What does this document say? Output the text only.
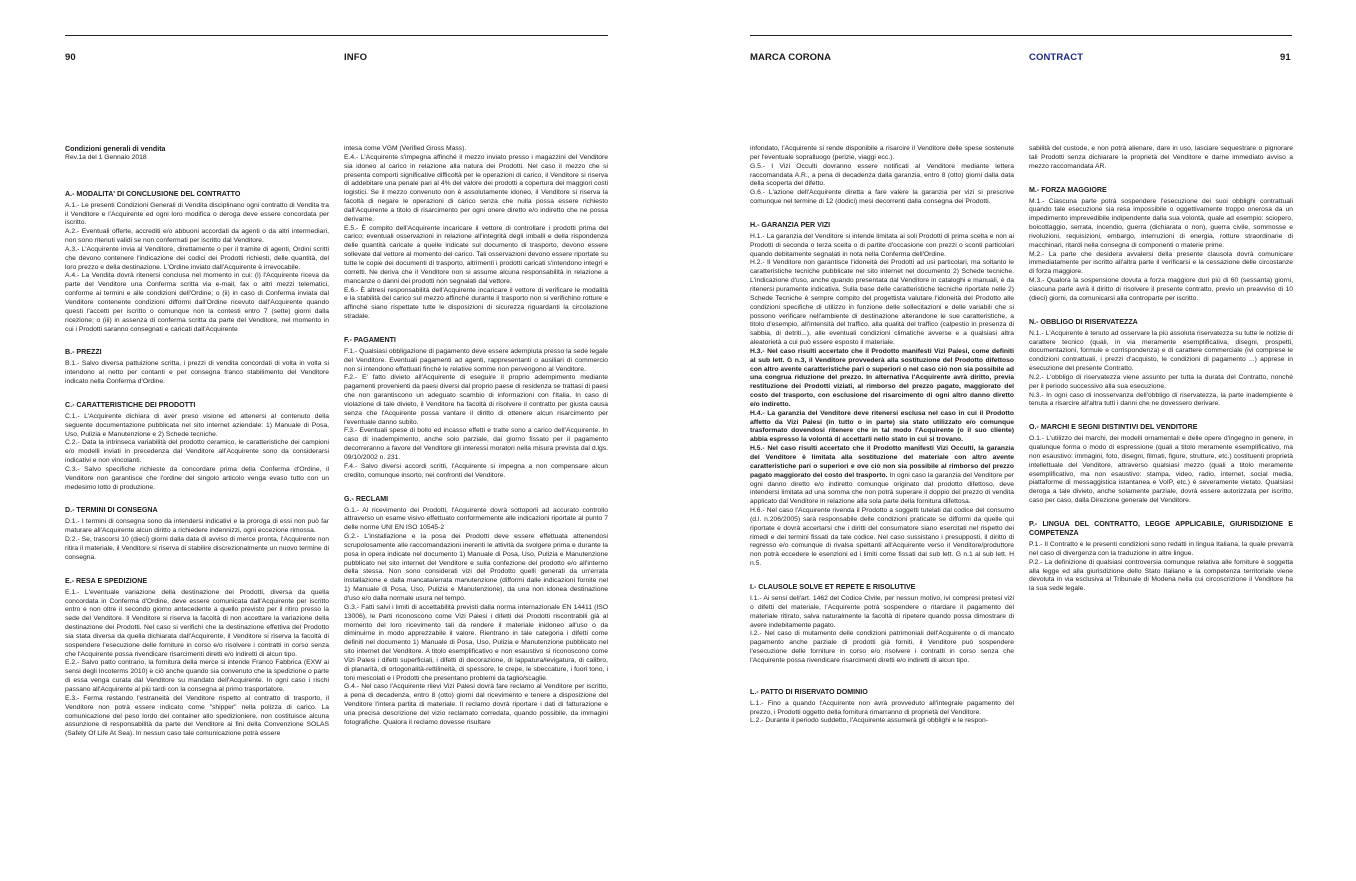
90	INFO	MARCA CORONA	CONTRACT	91

Condizioni generali di vendita

Rev.1a del 1 Gennaio 2018

A.- MODALITA' DI CONCLUSIONE DEL CONTRATTO

A.1.- Le presenti Condizioni Generali di Vendita disciplinano ogni contratto di Vendita tra il Venditore e l'Acquirente ed ogni loro modifica o deroga deve essere concordata per iscritto.

A.2.- Eventuali offerte, accrediti e/o abbuoni accordati da agenti o da altri intermediari, non sono ritenuti validi se non confermati per iscritto dal Venditore.

A.3.- L'Acquirente invia al Venditore, direttamente o per il tramite di agenti, Ordini scritti che devono contenere l'indicazione dei codici dei Prodotti richiesti, delle quantità, del loro prezzo e della destinazione. L'Ordine inviato dall'Acquirente è irrevocabile.

A.4.- La Vendita dovrà ritenersi conclusa nel momento in cui: (i) l'Acquirente riceva da parte del Venditore una Conferma scritta via e-mail, fax o altri mezzi telematici, conforme ai termini e alle condizioni dell'Ordine; o (ii) in caso di Conferma inviata dal Venditore contenente condizioni difformi dall'Ordine ricevuto dall'Acquirente quando questi l'accetti per iscritto o comunque non la contesti entro 7 (sette) giorni dalla ricezione; o (iii) in assenza di conferma scritta da parte del Venditore, nel momento in cui i Prodotti saranno consegnati e caricati dall'Acquirente

B.- PREZZI

B.1.- Salvo diversa pattuizione scritta, i prezzi di vendita concordati di volta in volta si intendono al netto per contanti e per consegna franco stabilimento del Venditore indicato nella Conferma d'Ordine.

C.- CARATTERISTICHE DEI PRODOTTI

C.1.- L'Acquirente dichiara di aver preso visione ed attenersi al contenuto della seguente documentazione pubblicata nel sito internet aziendale: 1) Manuale di Posa, Uso, Pulizia e Manutenzione e 2) Schede tecniche.

C.2.- Data la intrinseca variabilità del prodotto ceramico, le caratteristiche dei campioni e/o modelli inviati in precedenza dal Venditore all'Acquirente sono da considerarsi indicativi e non vincolanti.

C.3.- Salvo specifiche richieste da concordare prima della Conferma d'Ordine, il Venditore non garantisce che l'ordine del singolo articolo venga evaso tutto con un medesimo lotto di produzione.

D.- TERMINI DI CONSEGNA

D.1.- I termini di consegna sono da intendersi indicativi e la proroga di essi non può far maturare all'Acquirente alcun diritto a richiedere indennizzi, ogni eccezione rimossa.

D.2.- Se, trascorsi 10 (dieci) giorni dalla data di avviso di merce pronta, l'Acquirente non ritira il materiale, il Venditore si riserva di stabilire discrezionalmente un nuovo termine di consegna.

E.- RESA E SPEDIZIONE

E.1.- L'eventuale variazione della destinazione dei Prodotti, diversa da quella concordata in Conferma d'Ordine, deve essere comunicata dall'Acquirente per iscritto entro e non oltre il secondo giorno antecedente a quello previsto per il ritiro presso la sede del Venditore. Il Venditore si riserva la facoltà di non accettare la variazione della destinazione dei Prodotti. Nel caso si verifichi che la destinazione effettiva del Prodotto sia stata diversa da quella dichiarata dall'Acquirente, il Venditore si riserva la facoltà di sospendere l'esecuzione delle forniture in corso e/o risolvere i contratti in corso senza che l'Acquirente possa rivendicare risarcimenti diretti e/o indiretti di alcun tipo.

E.2.- Salvo patto contrario, la fornitura della merce si intende Franco Fabbrica (EXW ai sensi degli Incoterms 2010) e ciò anche quando sia convenuto che la spedizione o parte di essa venga curata dal Venditore su mandato dell'Acquirente. In ogni caso i rischi passano all'Acquirente al più tardi con la consegna al primo trasportatore.

E.3.- Ferma restando l'estraneità del Venditore rispetto al contratto di trasporto, il Venditore non potrà essere indicato come "shipper" nella polizza di carico. La comunicazione del peso lordo del container allo spedizioniere, non costituisce alcuna assunzione di responsabilità da parte del Venditore ai fini della Convenzione SOLAS (Safety Of Life At Sea). In nessun caso tale comunicazione potrà essere

intesa come VGM (Verified Gross Mass).

E.4.- L'Acquirente s'impegna affinché il mezzo inviato presso i magazzini del Venditore sia idoneo al carico in relazione alla natura dei Prodotti. Nel caso il mezzo che si presenta comporti significative difficoltà per le operazioni di carico, il Venditore si riserva di addebitare una penale pari al 4% del valore dei prodotti a copertura dei maggiori costi logistici. Se il mezzo convenuto non è assolutamente idoneo, il Venditore si riserva la facoltà di negare le operazioni di carico senza che nulla possa essere richiesto dall'Acquirente a titolo di risarcimento per ogni onere diretto e/o indiretto che ne possa derivarne.

E.5.- È compito dell'Acquirente incaricare il vettore di controllare i prodotti prima del carico; eventuali osservazioni in relazione all'integrità degli imballi e della rispondenza delle quantità caricate a quelle indicate sul documento di trasporto, devono essere sollevate dal vettore al momento del carico. Tali osservazioni devono essere riportate su tutte le copie dei documenti di trasporto, altrimenti i prodotti caricati s'intendono integri e corretti. Ne deriva che il Venditore non si assume alcuna responsabilità in relazione a mancanze o danni dei prodotti non segnalati dal vettore.

E.6.- È altresì responsabilità dell'Acquirente incaricare il vettore di verificare le modalità e la stabilità del carico sul mezzo affinché durante il trasporto non si verifichino rotture e affinché siano rispettate tutte le disposizioni di sicurezza riguardanti la circolazione stradale.

F.- PAGAMENTI

F.1.- Qualsiasi obbligazione di pagamento deve essere adempiuta presso la sede legale del Venditore. Eventuali pagamenti ad agenti, rappresentanti o ausiliari di commercio non si intendono effettuati finché le relative somme non pervengono al Venditore.

F.2.- E' fatto divieto all'Acquirente di eseguire il proprio adempimento mediante pagamenti provenienti da paesi diversi dal proprio paese di residenza se trattasi di paesi che non garantiscono un adeguato scambio di informazioni con l'Italia. In caso di violazione di tale divieto, il Venditore ha facoltà di risolvere il contratto per giusta causa senza che l'Acquirente possa vantare il diritto di ottenere alcun risarcimento per l'eventuale danno subito.

F.3.- Eventuali spese di bollo ed incasso effetti e tratte sono a carico dell'Acquirente. In caso di inadempimento, anche solo parziale, dai giorno fissato per il pagamento decorreranno a favore del Venditore gli interessi moratori nella misura prevista dal d.lgs. 09/10/2002 n. 231.

F.4.- Salvo diversi accordi scritti, l'Acquirente si impegna a non compensare alcun credito, comunque insorto, nei confronti del Venditore.

G.- RECLAMI

G.1.- Al ricevimento dei Prodotti, l'Acquirente dovrà sottoporli ad accurato controllo attraverso un esame visivo effettuato conformemente alle indicazioni riportate al punto 7 delle norme UNI EN ISO 10545-2

G.2.- L'installazione e la posa dei Prodotti deve essere effettuata attenendosi scrupolosamente alle raccomandazioni inerenti le attività da svolgere prima e durante la posa in opera indicate nel documento 1) Manuale di Posa, Uso, Pulizia e Manutenzione pubblicato nel sito internet del Venditore e sulla confezione del prodotto e/o all'interno della stessa. Non sono considerati vizi del Prodotto quelli generati da un'errata installazione e dalla mancata/errata manutenzione (difformi dalle indicazioni fornite nel 1) Manuale di Posa, Uso, Pulizia e Manutenzione), da una non idonea destinazione d'uso e/o dalla normale usura nel tempo.

G.3.- Fatti salvi i limiti di accettabilità previsti dalla norma internazionale EN 14411 (ISO 13006), le Parti riconoscono come Vizi Palesi i difetti dei Prodotti riscontrabili già al momento del loro ricevimento tali da rendere il materiale inidoneo all'uso o da diminuirne in modo apprezzabile il valore. Rientrano in tale categoria i difetti come definiti nel documento 1) Manuale di Posa, Uso, Pulizia e Manutenzione pubblicato nel sito internet del Venditore. A titolo esemplificativo e non esaustivo si riconoscono come Vizi Palesi i difetti superficiali, i difetti di decorazione, di lappatura/levigatura, di calibro, di planarità, di ortogonalità-rettilineità, di spessore, le crepe, le sbeccature, i fuori tono, i toni mescolati e i Prodotti che presentano problemi da taglio/scaglie.

G.4.- Nel caso l'Acquirente rilevi Vizi Palesi dovrà fare reclamo al Venditore per iscritto, a pena di decadenza, entro 8 (otto) giorni dal ricevimento e tenere a disposizione del Venditore l'intera partita di materiale. Il reclamo dovrà riportare i dati di fatturazione e una precisa descrizione del vizio reclamato corredata, quando possibile, da immagini fotografiche. Qualora il reclamo dovesse risultare

infondato, l'Acquirente si rende disponibile a risarcire il Venditore delle spese sostenute per l'eventuale sopralluogo (perizie, viaggi ecc.).

G.5.- I Vizi Occulti dovranno essere notificati al Venditore mediante lettera raccomandata A.R., a pena di decadenza dalla garanzia, entro 8 (otto) giorni dalla data della scoperta del difetto.

G.6.- L'azione dell'Acquirente diretta a fare valere la garanzia per vizi si prescrive comunque nel termine di 12 (dodici) mesi decorrenti dalla consegna dei Prodotti.

H.- GARANZIA PER VIZI

H.1.- La garanzia del Venditore si intende limitata ai soli Prodotti di prima scelta e non ai Prodotti di seconda o terza scelta o di partite d'occasione con prezzi o sconti particolari quando debitamente segnalati in nota nella Conferma dell'Ordine.

H.2.- Il Venditore non garantisce l'idoneità dei Prodotti ad usi particolari, ma soltanto le caratteristiche tecniche pubblicate nel sito internet nel documento 2) Schede tecniche. L'indicazione d'uso, anche quando presentata dal Venditore in cataloghi e manuali, è da ritenersi puramente indicativa. Sulla base delle caratteristiche tecniche riportate nelle 2) Schede Tecniche è sempre compito del progettista valutare l'idoneità del Prodotto alle condizioni specifiche di utilizzo in funzione delle sollecitazioni e delle variabili che si possono verificare nell'ambiente di destinazione alterandone le sue caratteristiche, a titolo d'esempio, all'intensità del traffico, alla qualità del traffico (calpestio in presenza di sabbia, di detriti...), alle eventuali condizioni climatiche avverse e a qualsiasi altra aleatorietà a cui può essere esposto il materiale.

H.3.- Nel caso risulti accertato che il Prodotto manifesti Vizi Palesi, come definiti al sub lett. G n.3, il Venditore provvederà alla sostituzione del Prodotto difettoso con altro avente caratteristiche pari o superiori o nel caso ciò non sia possibile ad una congrua riduzione del prezzo. In alternativa l'Acquirente avrà diritto, previa restituzione dei Prodotti viziati, al rimborso del prezzo pagato, maggiorato del costo del trasporto, con esclusione del risarcimento di ogni altro danno diretto e/o indiretto.

H.4.- La garanzia del Venditore deve ritenersi esclusa nel caso in cui il Prodotto affetto da Vizi Palesi (in tutto o in parte) sia stato utilizzato e/o comunque trasformato dovendosi ritenere che in tal modo l'Acquirente (o il suo cliente) abbia espresso la volontà di accettarli nello stato in cui si trovano.

H.5.- Nel caso risulti accertato che il Prodotto manifesti Vizi Occulti, la garanzia del Venditore è limitata alla sostituzione del materiale con altro avente caratteristiche pari o superiori e ove ciò non sia possibile al rimborso del prezzo pagato maggiorato del costo del trasporto. In ogni caso la garanzia del Venditore per ogni danno diretto e/o indiretto comunque originato dal prodotto difettoso, deve intendersi limitata ad una somma che non potrà superare il doppio del prezzo di vendita applicato dal Venditore in relazione alla sola parte della fornitura difettosa.

H.6.- Nel caso l'Acquirente rivenda il Prodotto a soggetti tutelati dal codice del consumo (d.l. n.206/2005) sarà responsabile delle condizioni praticate se difformi da quelle qui riportate e dovrà accertarsi che i diritti del consumatore siano esercitati nel rispetto dei rimedi e dei termini fissati da tale codice. Nel caso sussistano i presupposti, il diritto di regresso e/o comunque di rivalsa spettanti all'Acquirente verso il Venditore/produttore non potrà eccedere le esenzioni ed i limiti come fissati dal sub lett. G n.1 al sub lett. H n.5.

I.- CLAUSOLE SOLVE ET REPETE E RISOLUTIVE

I.1.- Ai sensi dell'art. 1462 del Codice Civile, per nessun motivo, ivi compresi pretesi vizi o difetti del materiale, l'Acquirente potrà sospendere o ritardare il pagamento del materiale ritirato, salva naturalmente la facoltà di ripetere quando possa dimostrare di avere indebitamente pagato.

I.2.- Nel caso di mutamento delle condizioni patrimoniali dell'Acquirente o di mancato pagamento anche parziale di prodotti già forniti, il Venditore può sospendere l'esecuzione delle forniture in corso e/o risolvere i contratti in corso senza che l'Acquirente possa rivendicare risarcimenti diretti e/o indiretti di alcun tipo.

L.- PATTO DI RISERVATO DOMINIO

L.1.- Fino a quando l'Acquirente non avrà provveduto all'integrale pagamento del prezzo, i Prodotti oggetto della fornitura rimarranno di proprietà del Venditore.

L.2.- Durante il periodo suddetto, l'Acquirente assumerà gli obblighi e le respon-

sabilità del custode, e non potrà alienare, dare in uso, lasciare sequestrare o pignorare tali Prodotti senza dichiarare la proprietà del Venditore e darne immediato avviso a mezzo raccomandata AR.

M.- FORZA MAGGIORE

M.1.- Ciascuna parte potrà sospendere l'esecuzione dei suoi obblighi contrattuali quando tale esecuzione sia resa impossibile o oggettivamente troppo onerosa da un impedimento imprevedibile indipendente dalla sua volontà, quale ad esempio: sciopero, boicottaggio, serrata, incendio, guerra (dichiarata o non), guerra civile, sommosse e rivoluzioni, requisizioni, embargo, interruzioni di energia, rotture straordinarie di macchinari, ritardi nella consegna di componenti o materie prime.

M.2.- La parte che desidera avvalersi della presente clausola dovrà comunicare immediatamente per iscritto all'altra parte il verificarsi e la cessazione delle circostanze di forza maggiore.

M.3.- Qualora la sospensione dovuta a forza maggiore duri più di 60 (sessanta) giorni, ciascuna parte avrà il diritto di risolvere il presente contratto, previo un preavviso di 10 (dieci) giorni, da comunicarsi alla controparte per iscritto.

N.- OBBLIGO DI RISERVATEZZA

N.1.- L'Acquirente è tenuto ad osservare la più assoluta riservatezza su tutte le notizie di carattere tecnico (quali, in via meramente esemplificativa, disegni, prospetti, documentazioni, formule e corrispondenza) e di carattere commerciale (ivi comprese le condizioni contrattuali, i prezzi d'acquisto, le condizioni di pagamento ...) apprese in esecuzione del presente Contratto.

N.2.- L'obbligo di riservatezza viene assunto per tutta la durata del Contratto, nonché per il periodo successivo alla sua esecuzione.

N.3.- In ogni caso di inosservanza dell'obbligo di riservatezza, la parte inadempiente è tenuta a risarcire all'altra tutti i danni che ne dovessero derivare.

O.- MARCHI E SEGNI DISTINTIVI DEL VENDITORE

O.1.- L'utilizzo dei marchi, dei modelli ornamentali e delle opere d'ingegno in genere, in qualunque forma o modo di espressione (quali a titolo meramente esemplificativo, ma non esaustivo: immagini, foto, disegni, filmati, figure, strutture, etc.) costituenti proprietà intellettuale del Venditore, attraverso qualsiasi mezzo (quali a titolo meramente esemplificativo, ma non esaustivo: stampa, video, radio, internet, social media, piattaforme di messaggistica istantanea e VoIP, etc.) è severamente vietato. Qualsiasi deroga a tale divieto, anche solamente parziale, dovrà essere autorizzata per iscritto, caso per caso, dalla Direzione generale del Venditore.

P.- LINGUA DEL CONTRATTO, LEGGE APPLICABILE, GIURISDIZIONE E COMPETENZA

P.1.- Il Contratto e le presenti condizioni sono redatti in lingua Italiana, la quale prevarrà nel caso di divergenza con la traduzione in altre lingue.

P.2.- La definizione di qualsiasi controversia comunque relativa alle forniture è soggetta alla legge ed alla giurisdizione dello Stato Italiano e la competenza territoriale viene devoluta in via esclusiva al Tribunale di Modena nella cui circoscrizione il Venditore ha la sua sede legale.
